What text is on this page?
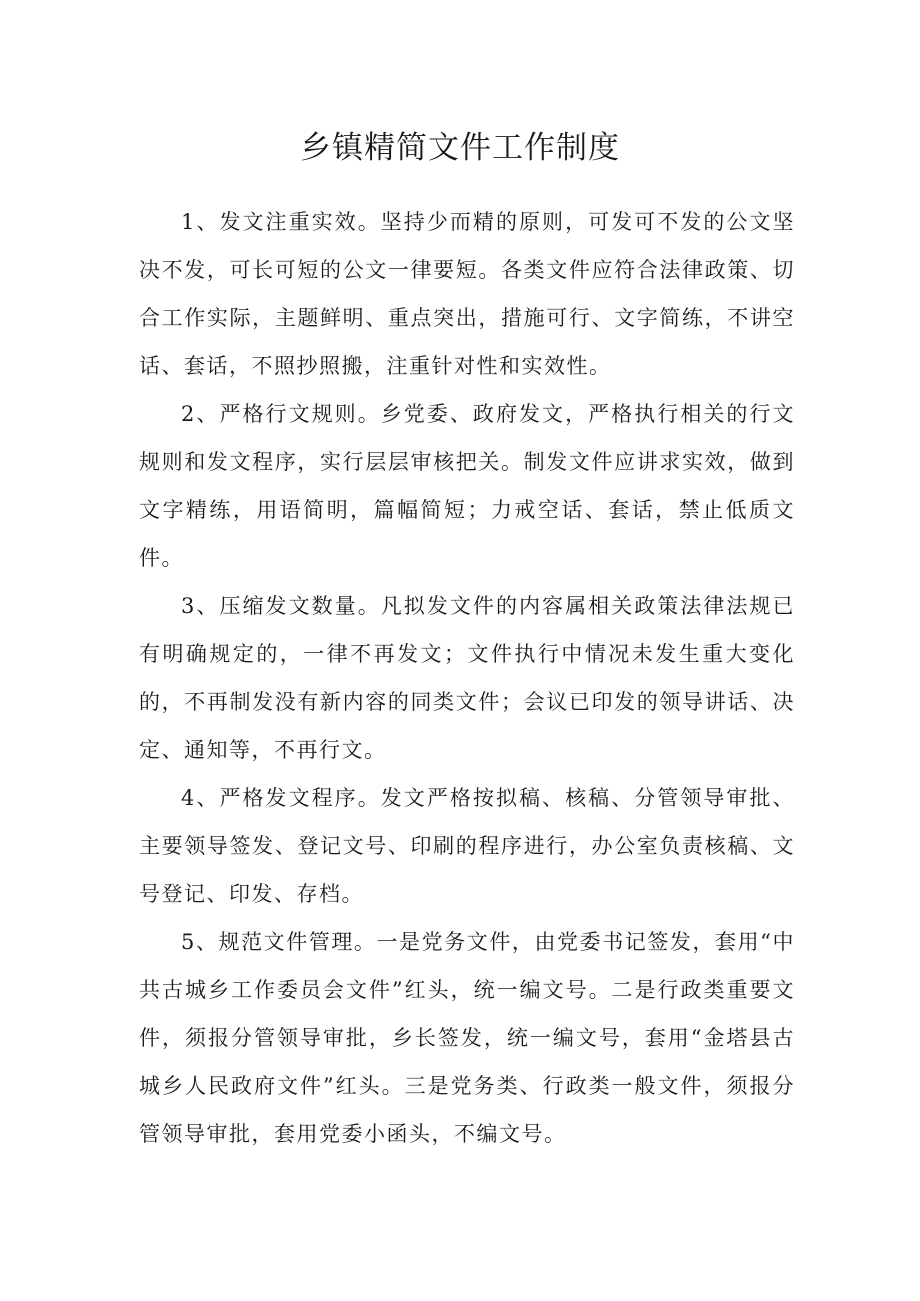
乡镇精简文件工作制度

1、发文注重实效。坚持少而精的原则，可发可不发的公文坚决不发，可长可短的公文一律要短。各类文件应符合法律政策、切合工作实际，主题鲜明、重点突出，措施可行、文字简练，不讲空话、套话，不照抄照搬，注重针对性和实效性。

2、严格行文规则。乡党委、政府发文，严格执行相关的行文规则和发文程序，实行层层审核把关。制发文件应讲求实效，做到文字精练，用语简明，篇幅简短；力戒空话、套话，禁止低质文件。

3、压缩发文数量。凡拟发文件的内容属相关政策法律法规已有明确规定的，一律不再发文；文件执行中情况未发生重大变化的，不再制发没有新内容的同类文件；会议已印发的领导讲话、决定、通知等，不再行文。

4、严格发文程序。发文严格按拟稿、核稿、分管领导审批、主要领导签发、登记文号、印刷的程序进行，办公室负责核稿、文号登记、印发、存档。

5、规范文件管理。一是党务文件，由党委书记签发，套用“中共古城乡工作委员会文件”红头，统一编文号。二是行政类重要文件，须报分管领导审批，乡长签发，统一编文号，套用“金塔县古城乡人民政府文件”红头。三是党务类、行政类一般文件，须报分管领导审批，套用党委小函头，不编文号。
